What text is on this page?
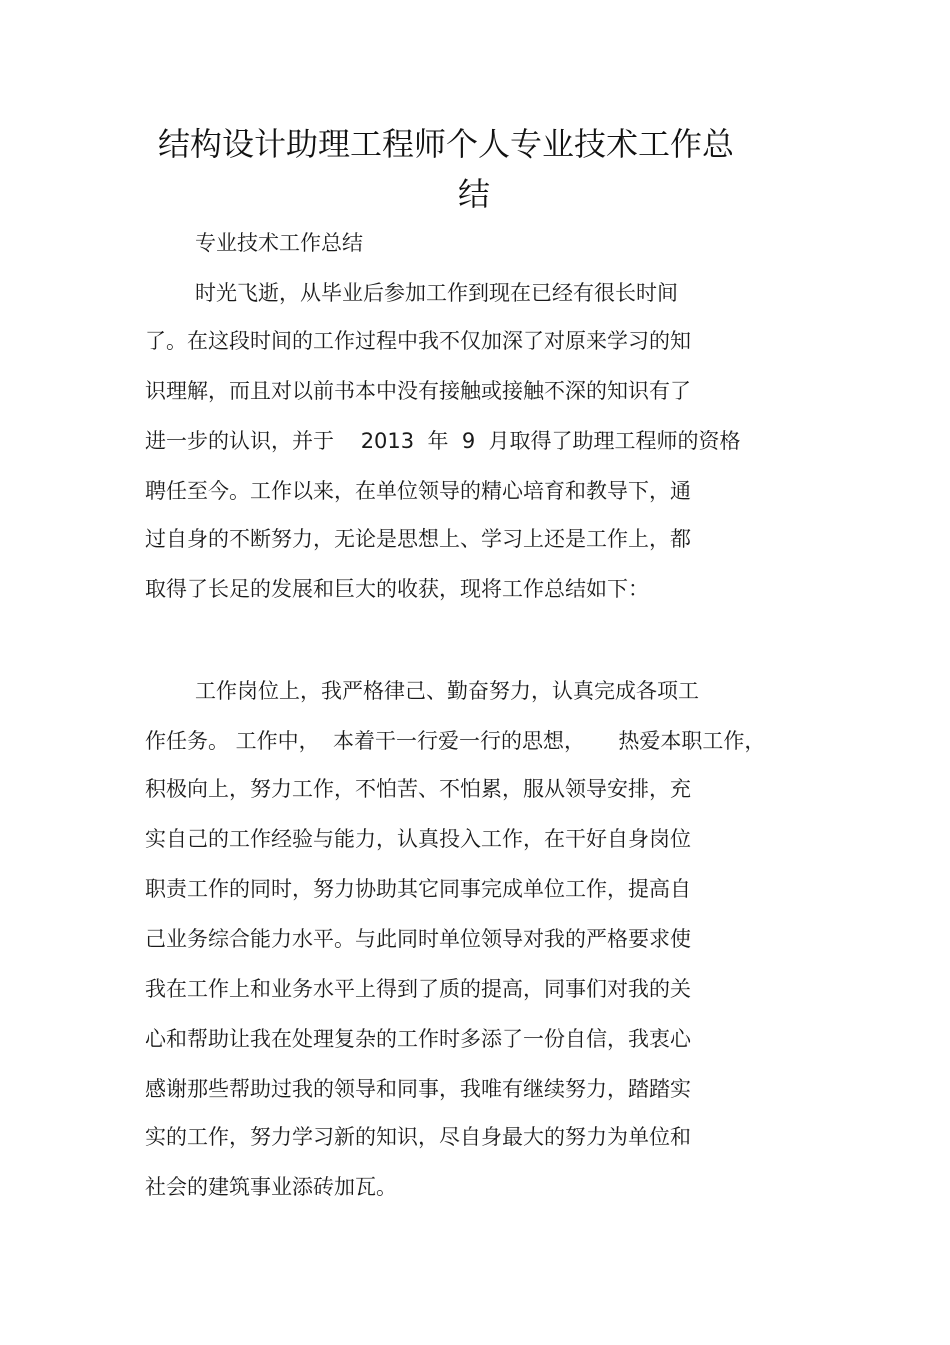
结构设计助理工程师个人专业技术工作总
结
专业技术工作总结
时光飞逝，从毕业后参加工作到现在已经有很长时间
了。在这段时间的工作过程中我不仅加深了对原来学习的知
识理解，而且对以前书本中没有接触或接触不深的知识有了
进一步的认识，并于    2013  年  9  月取得了助理工程师的资格
聘任至今。工作以来，在单位领导的精心培育和教导下，通
过自身的不断努力，无论是思想上、学习上还是工作上，都
取得了长足的发展和巨大的收获，现将工作总结如下：
工作岗位上，我严格律己、勤奋努力，认真完成各项工
作任务。 工作中，  本着干一行爱一行的思想，     热爱本职工作，
积极向上，努力工作，不怕苦、不怕累，服从领导安排，充
实自己的工作经验与能力，认真投入工作，在干好自身岗位
职责工作的同时，努力协助其它同事完成单位工作，提高自
己业务综合能力水平。与此同时单位领导对我的严格要求使
我在工作上和业务水平上得到了质的提高，同事们对我的关
心和帮助让我在处理复杂的工作时多添了一份自信，我衷心
感谢那些帮助过我的领导和同事，我唯有继续努力，踏踏实
实的工作，努力学习新的知识，尽自身最大的努力为单位和
社会的建筑事业添砖加瓦。
